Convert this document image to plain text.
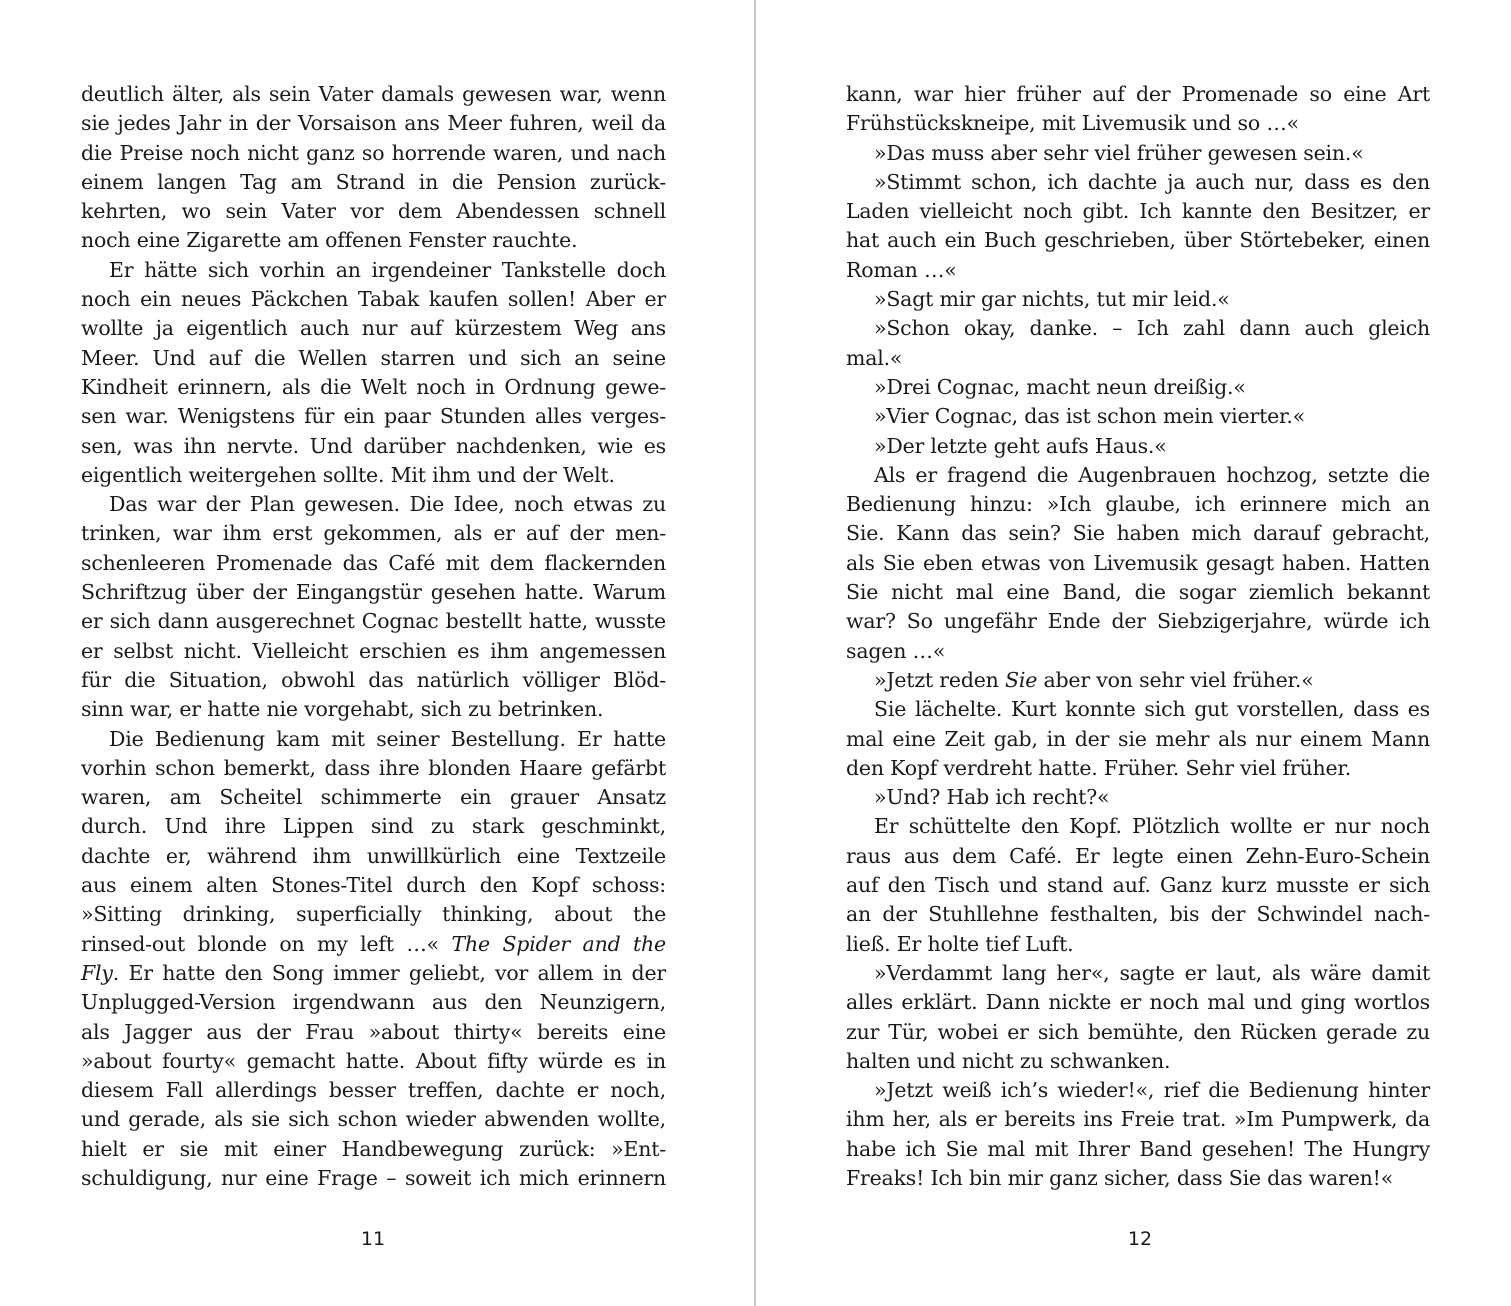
deutlich älter, als sein Vater damals gewesen war, wenn
sie jedes Jahr in der Vorsaison ans Meer fuhren, weil da
die Preise noch nicht ganz so horrende waren, und nach
einem langen Tag am Strand in die Pension zurück-
kehrten, wo sein Vater vor dem Abendessen schnell
noch eine Zigarette am offenen Fenster rauchte.
Er hätte sich vorhin an irgendeiner Tankstelle doch
noch ein neues Päckchen Tabak kaufen sollen! Aber er
wollte ja eigentlich auch nur auf kürzestem Weg ans
Meer. Und auf die Wellen starren und sich an seine
Kindheit erinnern, als die Welt noch in Ordnung gewe-
sen war. Wenigstens für ein paar Stunden alles verges-
sen, was ihn nervte. Und darüber nachdenken, wie es
eigentlich weitergehen sollte. Mit ihm und der Welt.
Das war der Plan gewesen. Die Idee, noch etwas zu
trinken, war ihm erst gekommen, als er auf der men-
schenleeren Promenade das Café mit dem flackernden
Schriftzug über der Eingangstür gesehen hatte. Warum
er sich dann ausgerechnet Cognac bestellt hatte, wusste
er selbst nicht. Vielleicht erschien es ihm angemessen
für die Situation, obwohl das natürlich völliger Blöd-
sinn war, er hatte nie vorgehabt, sich zu betrinken.
Die Bedienung kam mit seiner Bestellung. Er hatte
vorhin schon bemerkt, dass ihre blonden Haare gefärbt
waren, am Scheitel schimmerte ein grauer Ansatz
durch. Und ihre Lippen sind zu stark geschminkt,
dachte er, während ihm unwillkürlich eine Textzeile
aus einem alten Stones-Titel durch den Kopf schoss:
»Sitting drinking, superficially thinking, about the
rinsed-out blonde on my left …« The Spider and the
Fly. Er hatte den Song immer geliebt, vor allem in der
Unplugged-Version irgendwann aus den Neunzigern,
als Jagger aus der Frau »about thirty« bereits eine
»about fourty« gemacht hatte. About fifty würde es in
diesem Fall allerdings besser treffen, dachte er noch,
und gerade, als sie sich schon wieder abwenden wollte,
hielt er sie mit einer Handbewegung zurück: »Ent-
schuldigung, nur eine Frage – soweit ich mich erinnern
11
kann, war hier früher auf der Promenade so eine Art
Frühstückskneipe, mit Livemusik und so …«
»Das muss aber sehr viel früher gewesen sein.«
»Stimmt schon, ich dachte ja auch nur, dass es den
Laden vielleicht noch gibt. Ich kannte den Besitzer, er
hat auch ein Buch geschrieben, über Störtebeker, einen
Roman …«
»Sagt mir gar nichts, tut mir leid.«
»Schon okay, danke. – Ich zahl dann auch gleich
mal.«
»Drei Cognac, macht neun dreißig.«
»Vier Cognac, das ist schon mein vierter.«
»Der letzte geht aufs Haus.«
Als er fragend die Augenbrauen hochzog, setzte die
Bedienung hinzu: »Ich glaube, ich erinnere mich an
Sie. Kann das sein? Sie haben mich darauf gebracht,
als Sie eben etwas von Livemusik gesagt haben. Hatten
Sie nicht mal eine Band, die sogar ziemlich bekannt
war? So ungefähr Ende der Siebzigerjahre, würde ich
sagen …«
»Jetzt reden Sie aber von sehr viel früher.«
Sie lächelte. Kurt konnte sich gut vorstellen, dass es
mal eine Zeit gab, in der sie mehr als nur einem Mann
den Kopf verdreht hatte. Früher. Sehr viel früher.
»Und? Hab ich recht?«
Er schüttelte den Kopf. Plötzlich wollte er nur noch
raus aus dem Café. Er legte einen Zehn-Euro-Schein
auf den Tisch und stand auf. Ganz kurz musste er sich
an der Stuhllehne festhalten, bis der Schwindel nach-
ließ. Er holte tief Luft.
»Verdammt lang her«, sagte er laut, als wäre damit
alles erklärt. Dann nickte er noch mal und ging wortlos
zur Tür, wobei er sich bemühte, den Rücken gerade zu
halten und nicht zu schwanken.
»Jetzt weiß ich’s wieder!«, rief die Bedienung hinter
ihm her, als er bereits ins Freie trat. »Im Pumpwerk, da
habe ich Sie mal mit Ihrer Band gesehen! The Hungry
Freaks! Ich bin mir ganz sicher, dass Sie das waren!«
12
